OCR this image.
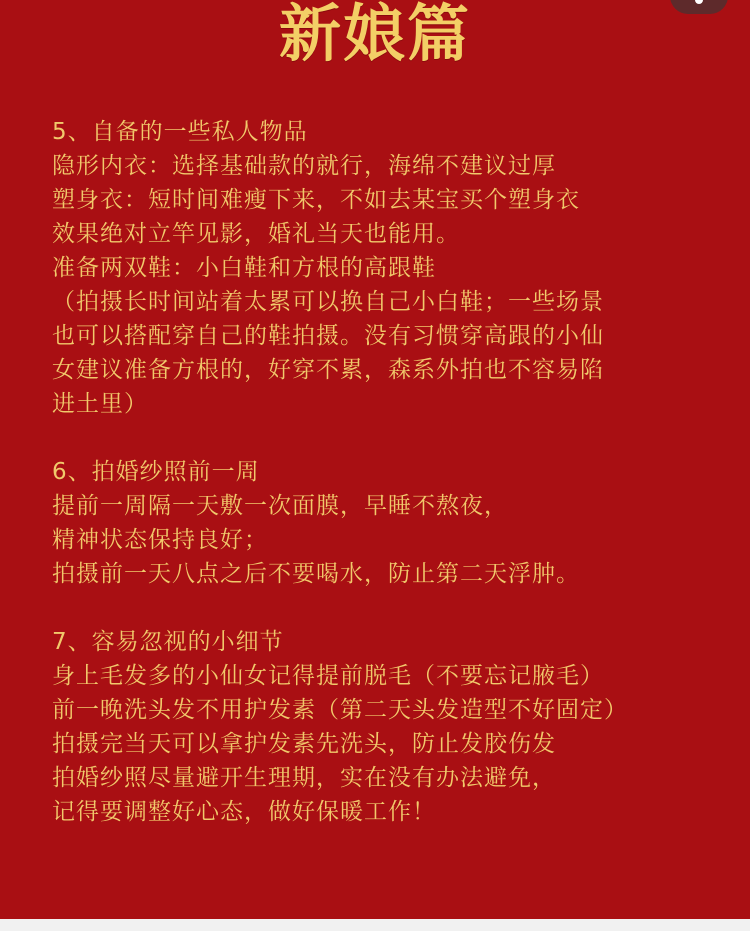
新娘篇
5、自备的一些私人物品
隐形内衣：选择基础款的就行，海绵不建议过厚
塑身衣：短时间难瘦下来，不如去某宝买个塑身衣
效果绝对立竿见影，婚礼当天也能用。
准备两双鞋：小白鞋和方根的高跟鞋
（拍摄长时间站着太累可以换自己小白鞋；一些场景
也可以搭配穿自己的鞋拍摄。没有习惯穿高跟的小仙
女建议准备方根的，好穿不累，森系外拍也不容易陷
进土里）
6、拍婚纱照前一周
提前一周隔一天敷一次面膜，早睡不熬夜，
精神状态保持良好；
拍摄前一天八点之后不要喝水，防止第二天浮肿。
7、容易忽视的小细节
身上毛发多的小仙女记得提前脱毛（不要忘记腋毛）
前一晚洗头发不用护发素（第二天头发造型不好固定）
拍摄完当天可以拿护发素先洗头，防止发胶伤发
拍婚纱照尽量避开生理期，实在没有办法避免，
记得要调整好心态，做好保暖工作！
